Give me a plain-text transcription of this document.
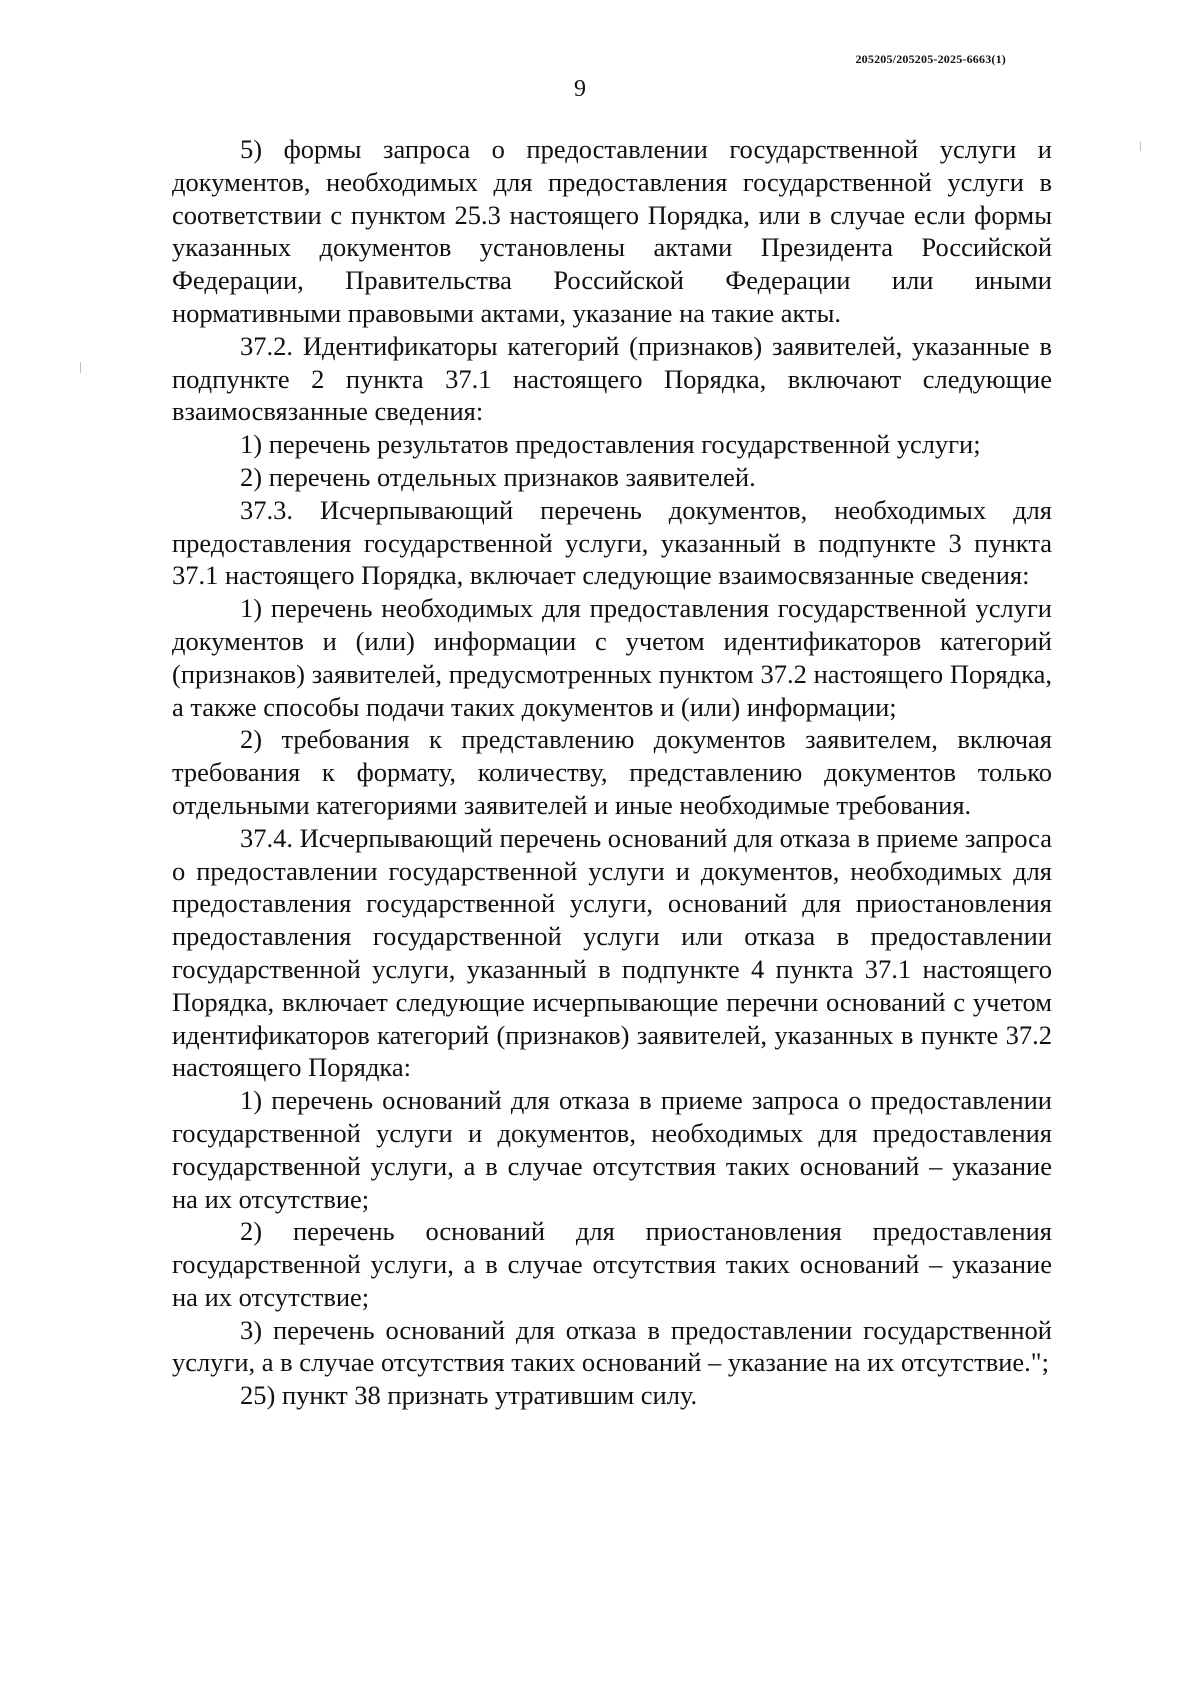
205205/205205-2025-6663(1)
9

5) формы запроса о предоставлении государственной услуги и документов, необходимых для предоставления государственной услуги в соответствии с пунктом 25.3 настоящего Порядка, или в случае если формы указанных документов установлены актами Президента Российской Федерации, Правительства Российской Федерации или иными нормативными правовыми актами, указание на такие акты.

37.2. Идентификаторы категорий (признаков) заявителей, указанные в подпункте 2 пункта 37.1 настоящего Порядка, включают следующие взаимосвязанные сведения:

1) перечень результатов предоставления государственной услуги;

2) перечень отдельных признаков заявителей.

37.3. Исчерпывающий перечень документов, необходимых для предоставления государственной услуги, указанный в подпункте 3 пункта 37.1 настоящего Порядка, включает следующие взаимосвязанные сведения:

1) перечень необходимых для предоставления государственной услуги документов и (или) информации с учетом идентификаторов категорий (признаков) заявителей, предусмотренных пунктом 37.2 настоящего Порядка, а также способы подачи таких документов и (или) информации;

2) требования к представлению документов заявителем, включая требования к формату, количеству, представлению документов только отдельными категориями заявителей и иные необходимые требования.

37.4. Исчерпывающий перечень оснований для отказа в приеме запроса о предоставлении государственной услуги и документов, необходимых для предоставления государственной услуги, оснований для приостановления предоставления государственной услуги или отказа в предоставлении государственной услуги, указанный в подпункте 4 пункта 37.1 настоящего Порядка, включает следующие исчерпывающие перечни оснований с учетом идентификаторов категорий (признаков) заявителей, указанных в пункте 37.2 настоящего Порядка:

1) перечень оснований для отказа в приеме запроса о предоставлении государственной услуги и документов, необходимых для предоставления государственной услуги, а в случае отсутствия таких оснований – указание на их отсутствие;

2) перечень оснований для приостановления предоставления государственной услуги, а в случае отсутствия таких оснований – указание на их отсутствие;

3) перечень оснований для отказа в предоставлении государственной услуги, а в случае отсутствия таких оснований – указание на их отсутствие.";

25) пункт 38 признать утратившим силу.
